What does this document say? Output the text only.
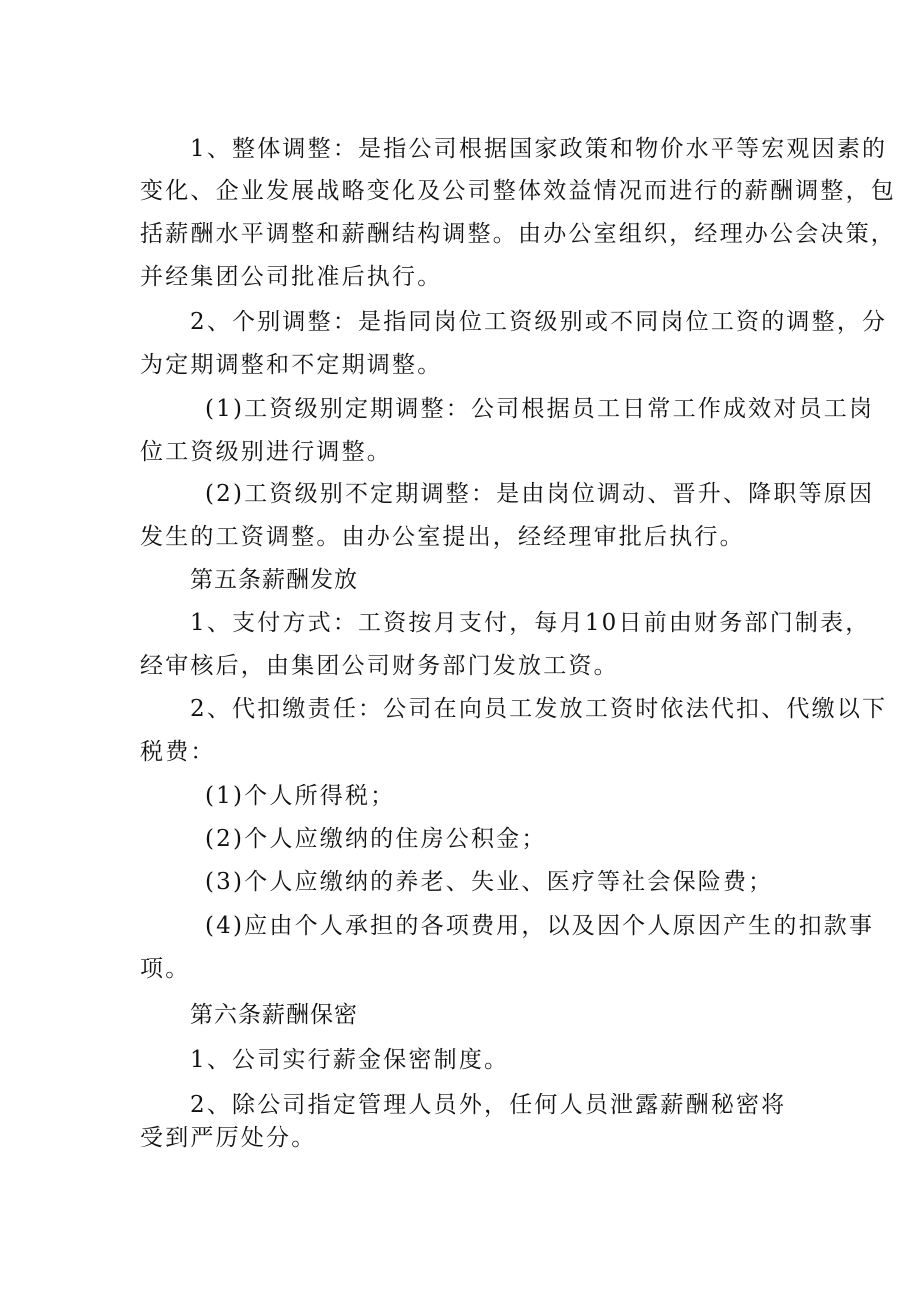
1、整体调整：是指公司根据国家政策和物价水平等宏观因素的
变化、企业发展战略变化及公司整体效益情况而进行的薪酬调整，包
括薪酬水平调整和薪酬结构调整。由办公室组织，经理办公会决策，
并经集团公司批准后执行。
2、个别调整：是指同岗位工资级别或不同岗位工资的调整，分
为定期调整和不定期调整。
(1)工资级别定期调整：公司根据员工日常工作成效对员工岗
位工资级别进行调整。
(2)工资级别不定期调整：是由岗位调动、晋升、降职等原因
发生的工资调整。由办公室提出，经经理审批后执行。
第五条薪酬发放
1、支付方式：工资按月支付，每月10日前由财务部门制表，
经审核后，由集团公司财务部门发放工资。
2、代扣缴责任：公司在向员工发放工资时依法代扣、代缴以下
税费：
(1)个人所得税；
(2)个人应缴纳的住房公积金；
(3)个人应缴纳的养老、失业、医疗等社会保险费；
(4)应由个人承担的各项费用，以及因个人原因产生的扣款事
项。
第六条薪酬保密
1、公司实行薪金保密制度。
2、除公司指定管理人员外，任何人员泄露薪酬秘密将
受到严厉处分。
